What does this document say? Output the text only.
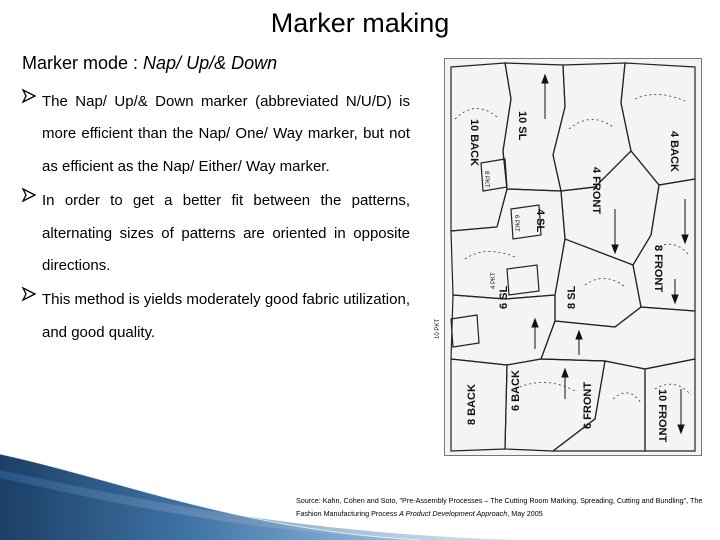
Marker making
Marker mode : Nap/ Up/& Down

The Nap/ Up/& Down marker (abbreviated N/U/D) is more efficient than the Nap/ One/ Way marker, but not as efficient as the Nap/ Either/ Way marker.

In order to get a better fit between the patterns, alternating sizes of patterns are oriented in opposite directions.

This method is yields moderately good fabric utilization, and good quality.

10 BACK	10 SL
4 BACK
4 FRONT
4 SL
8 FRONT
8 SL
6 SL
8 BACK	6 BACK	6 FRONT	10 FRONT
8 PKT
6 PKT
4 PKT
10 PKT
Source: Kahn, Cohen and Soto, "Pre-Assembly Processes – The Cutting Room Marking, Spreading, Cutting and Bundling", The Fashion Manufacturing Process A Product Development Approach, May 2005
